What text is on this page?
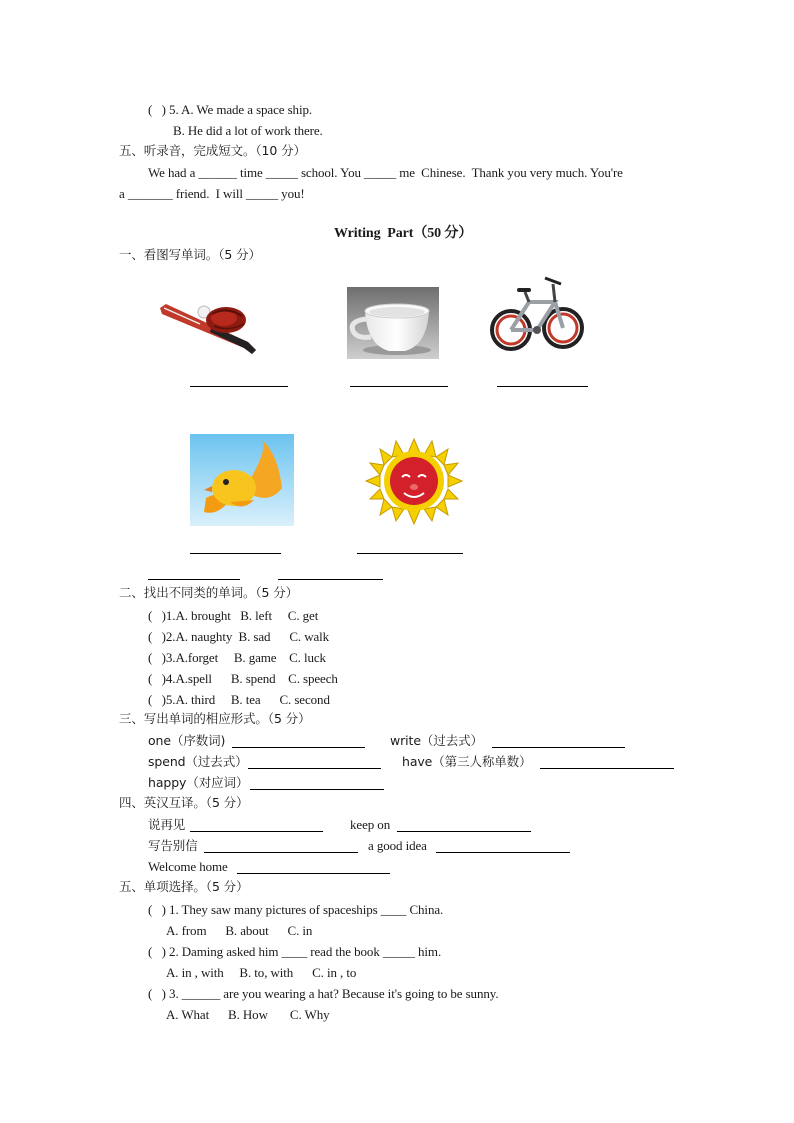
(   ) 5. A. We made a space ship.
B. He did a lot of work there.
五、听录音，完成短文。（10 分）
We had a ______ time _____ school. You _____ me  Chinese.  Thank you very much. You're
a _______ friend.  I will _____ you!
Writing  Part（50 分）
一、看图写单词。（5 分）
二、找出不同类的单词。（5 分）
(   )1.A. brought   B. left     C. get
(   )2.A. naughty  B. sad      C. walk
(   )3.A.forget     B. game    C. luck
(   )4.A.spell      B. spend    C. speech
(   )5.A. third     B. tea      C. second
三、写出单词的相应形式。（5 分）
one（序数词)	write（过去式）
spend（过去式）	have（第三人称单数）
happy（对应词）
四、英汉互译。（5 分）
说再见	keep on
写告别信	a good idea
Welcome home
五、单项选择。（5 分）
(   ) 1. They saw many pictures of spaceships ____ China.
A. from      B. about      C. in
(   ) 2. Daming asked him ____ read the book _____ him.
A. in , with     B. to, with      C. in , to
(   ) 3. ______ are you wearing a hat? Because it's going to be sunny.
A. What      B. How       C. Why
